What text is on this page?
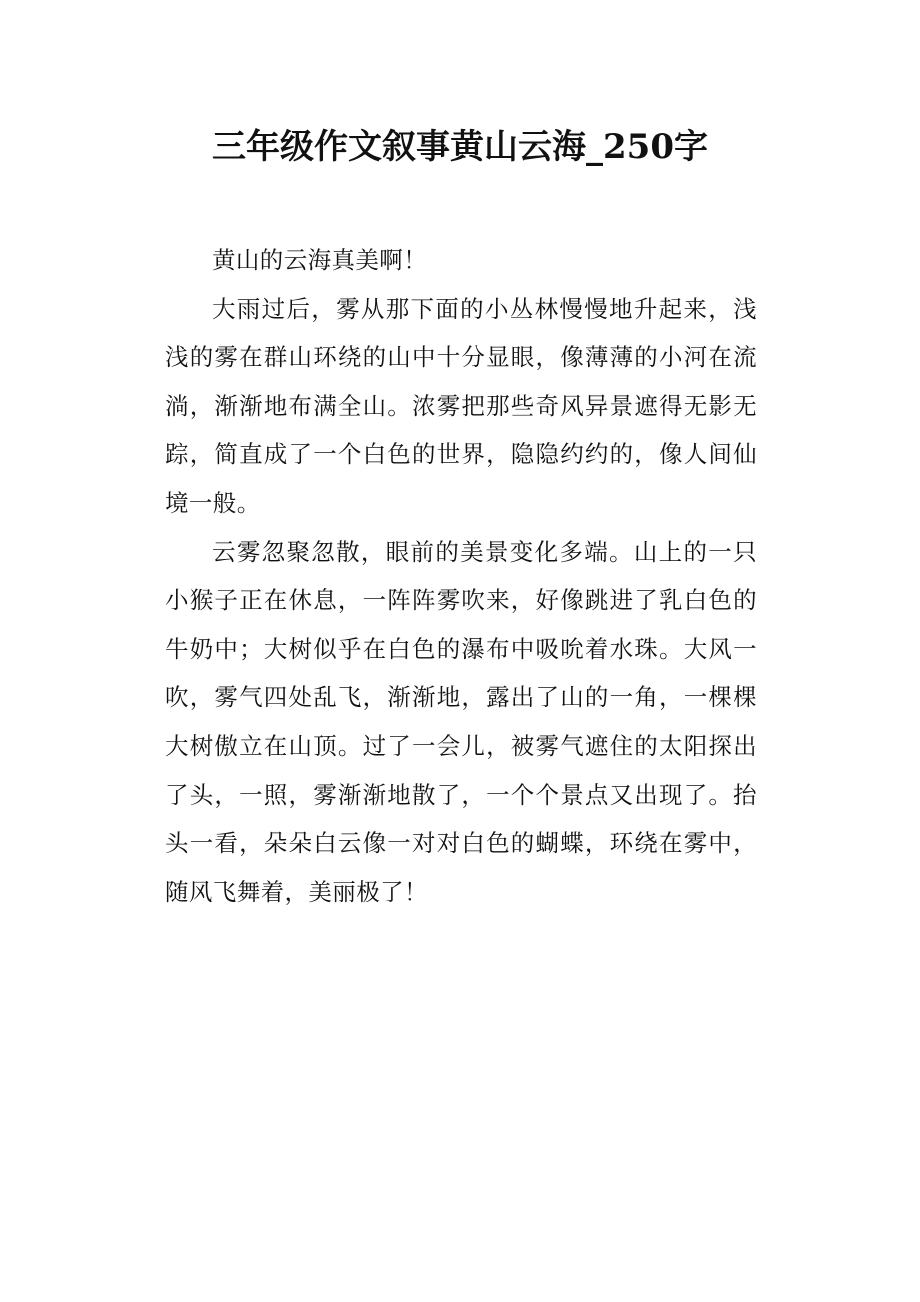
三年级作文叙事黄山云海_250字

黄山的云海真美啊！

大雨过后，雾从那下面的小丛林慢慢地升起来，浅浅的雾在群山环绕的山中十分显眼，像薄薄的小河在流淌，渐渐地布满全山。浓雾把那些奇风异景遮得无影无踪，简直成了一个白色的世界，隐隐约约的，像人间仙境一般。

云雾忽聚忽散，眼前的美景变化多端。山上的一只小猴子正在休息，一阵阵雾吹来，好像跳进了乳白色的牛奶中；大树似乎在白色的瀑布中吸吮着水珠。大风一吹，雾气四处乱飞，渐渐地，露出了山的一角，一棵棵大树傲立在山顶。过了一会儿，被雾气遮住的太阳探出了头，一照，雾渐渐地散了，一个个景点又出现了。抬头一看，朵朵白云像一对对白色的蝴蝶，环绕在雾中，随风飞舞着，美丽极了！
